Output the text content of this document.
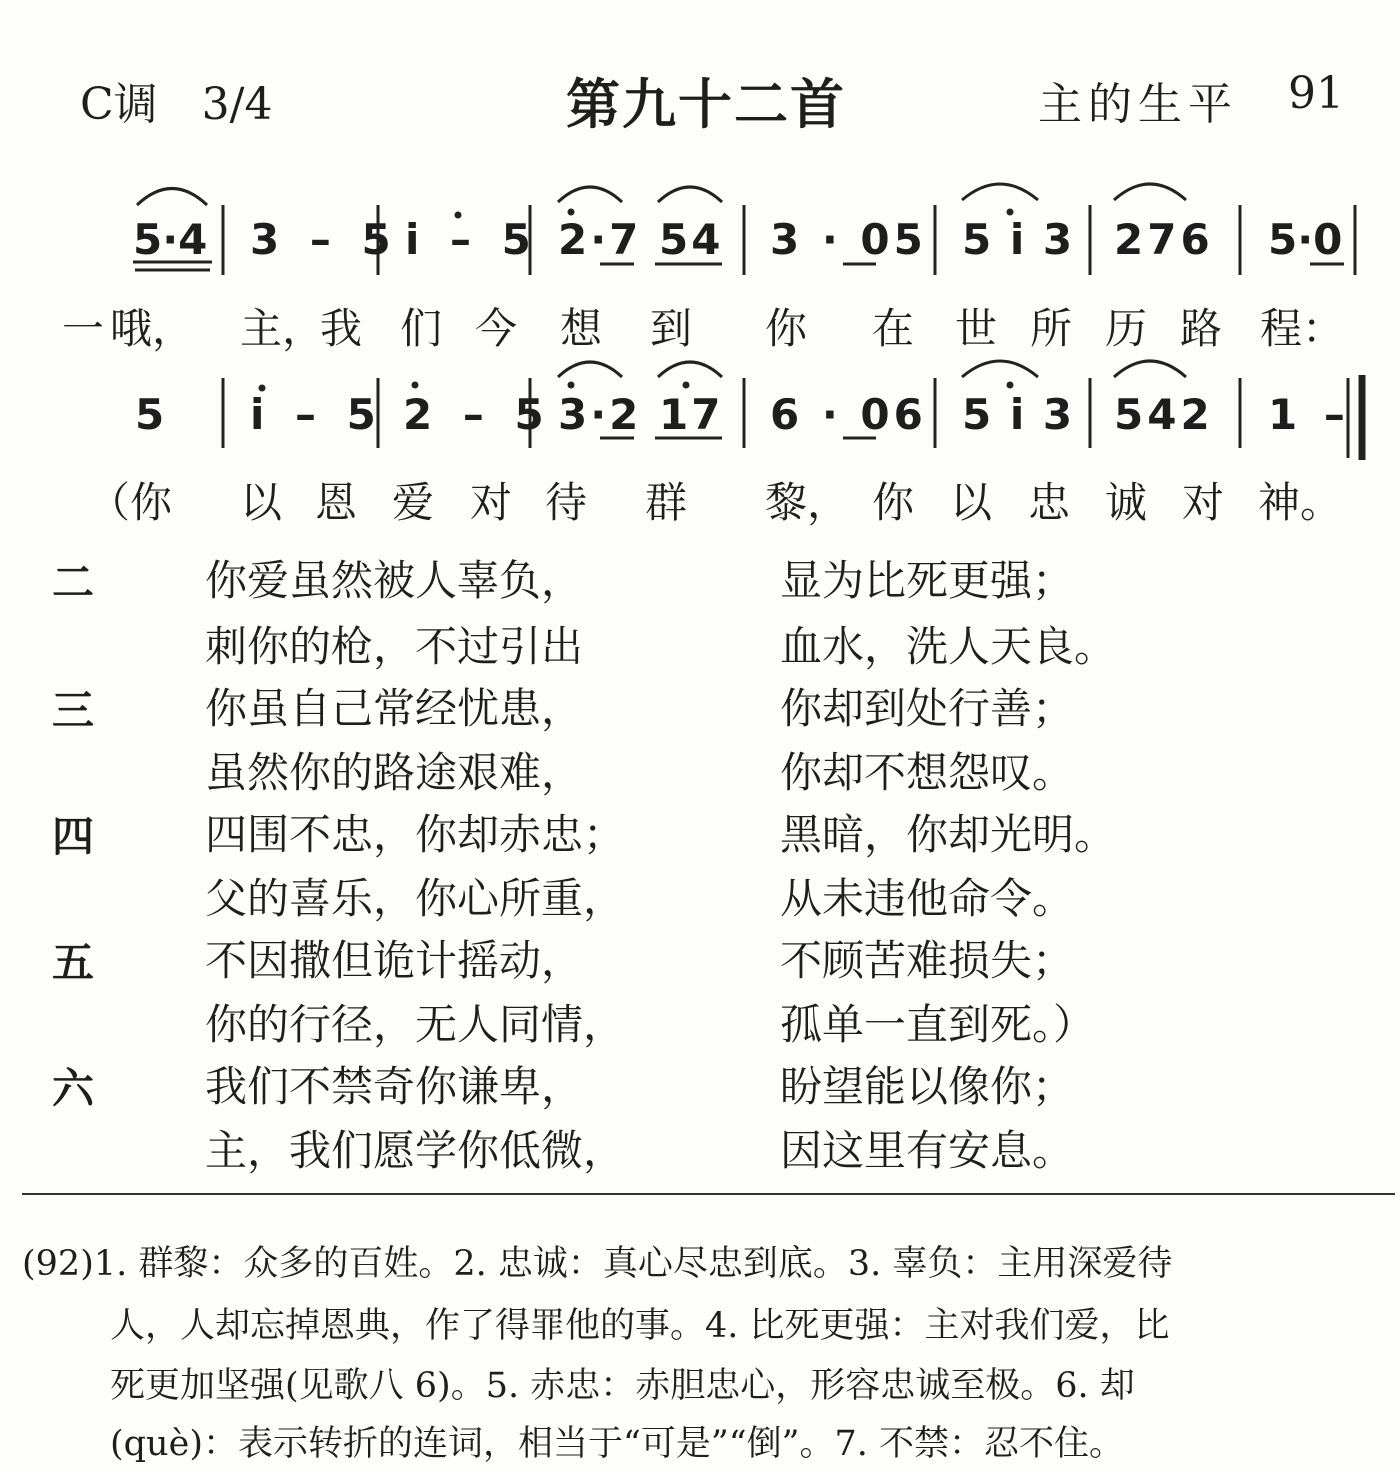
C调　3/4	第九十二首	主的生平 91
5·4 3 – 5 i – 5 2·7 54 3 · 05 5 i 3 276 5·0
一 哦， 主，
我 们 今 想 到 你 在 世 所 历 路 程：
5 i – 5 2 – 5 3·2 17 6 · 06 5 i 3 542 1 –
（你 以 恩 爱 对 待 群 黎， 你 以 忠 诚 对 神。
二	你爱虽然被人辜负，	显为比死更强；
刺你的枪，不过引出	血水，洗人天良。
三	你虽自己常经忧患，	你却到处行善；
虽然你的路途艰难，	你却不想怨叹。
四	四围不忠，你却赤忠；	黑暗，你却光明。
父的喜乐，你心所重，	从未违他命令。
五	不因撒但诡计摇动，	不顾苦难损失；
你的行径，无人同情，	孤单一直到死。）
六	我们不禁奇你谦卑，	盼望能以像你；
主，我们愿学你低微，	因这里有安息。
(92)1. 群黎：众多的百姓。2. 忠诚：真心尽忠到底。3. 辜负：主用深爱待
人，人却忘掉恩典，作了得罪他的事。4. 比死更强：主对我们爱，比
死更加坚强(见歌八 6)。5. 赤忠：赤胆忠心，形容忠诚至极。6. 却
(què)：表示转折的连词，相当于“可是”“倒”。7. 不禁：忍不住。
